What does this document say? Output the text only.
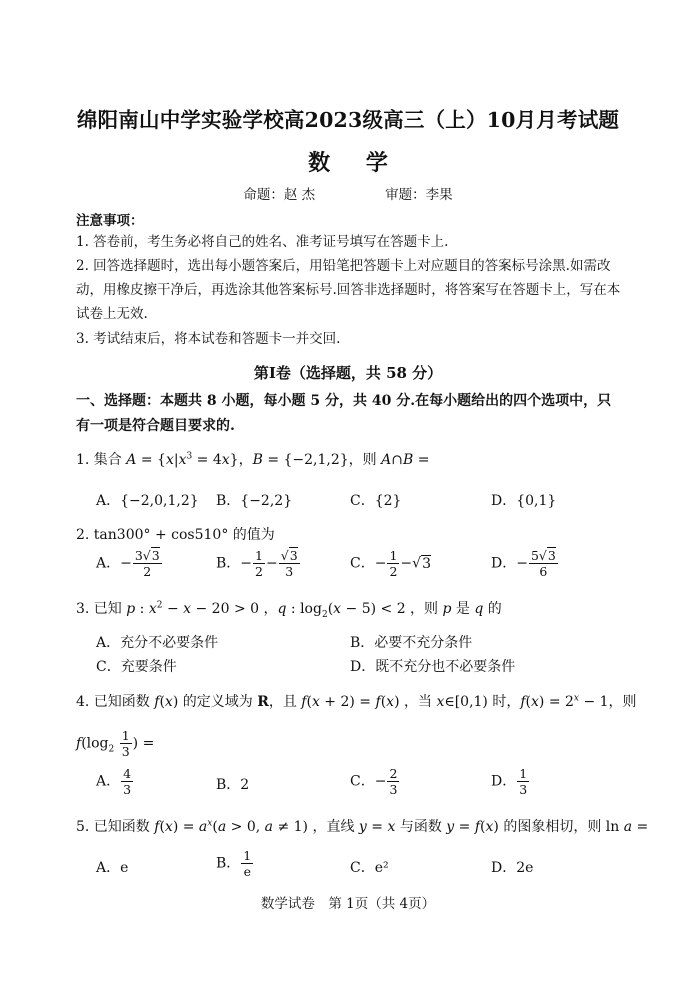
绵阳南山中学实验学校高2023级高三（上）10月月考试题
数 学
命题：赵 杰	审题：李果
注意事项：
1. 答卷前，考生务必将自己的姓名、准考证号填写在答题卡上.
2. 回答选择题时，选出每小题答案后，用铅笔把答题卡上对应题目的答案标号涂黑.如需改动，用橡皮擦干净后，再选涂其他答案标号.回答非选择题时，将答案写在答题卡上，写在本试卷上无效.
3. 考试结束后，将本试卷和答题卡一并交回.
第Ⅰ卷（选择题，共 58 分）
一、选择题：本题共 8 小题，每小题 5 分，共 40 分.在每小题给出的四个选项中，只有一项是符合题目要求的.
1. 集合 $A = \{x|x^3 = 4x\}$，B = {−2,1,2}，则 A∩B =
A．{−2,0,1,2} B．{−2,2}	C．{2}	D．{0,1}
2. tan300° + cos510° 的值为
A．− $\frac{3√3}{2}$	B．− $\frac{1}{2} - \frac{√3}{3}$	C．− $\frac{1}{2} -√3$	D．− $\frac{5√3}{6}$
3. 已知 p : $x^2 - x - 20 > 0$ ，q : $\log_2(x - 5) < 2$ ，则 p 是 q 的
A．充分不必要条件	B．必要不充分条件
C．充要条件	D．既不充分也不必要条件
4. 已知函数 f(x) 的定义域为 R，且 f(x + 2) = f(x) ，当 x∈[0,1) 时，$f(x) = 2^x - 1$，则
$f(\log_2 \frac{1}{3}$ ) =
A． $\frac{4}{3}$	B．2	C．− $\frac{2}{3}$	D． $\frac{1}{3}$
5. 已知函数 $f(x) = a^x(a > 0$, a ≠ 1) ，直线 y = x 与函数 y = f(x) 的图象相切，则 ln a =
A．e	B． $\frac{1}{e}$	C．e²	D．2e
数学试卷　第 1页（共 4页）
